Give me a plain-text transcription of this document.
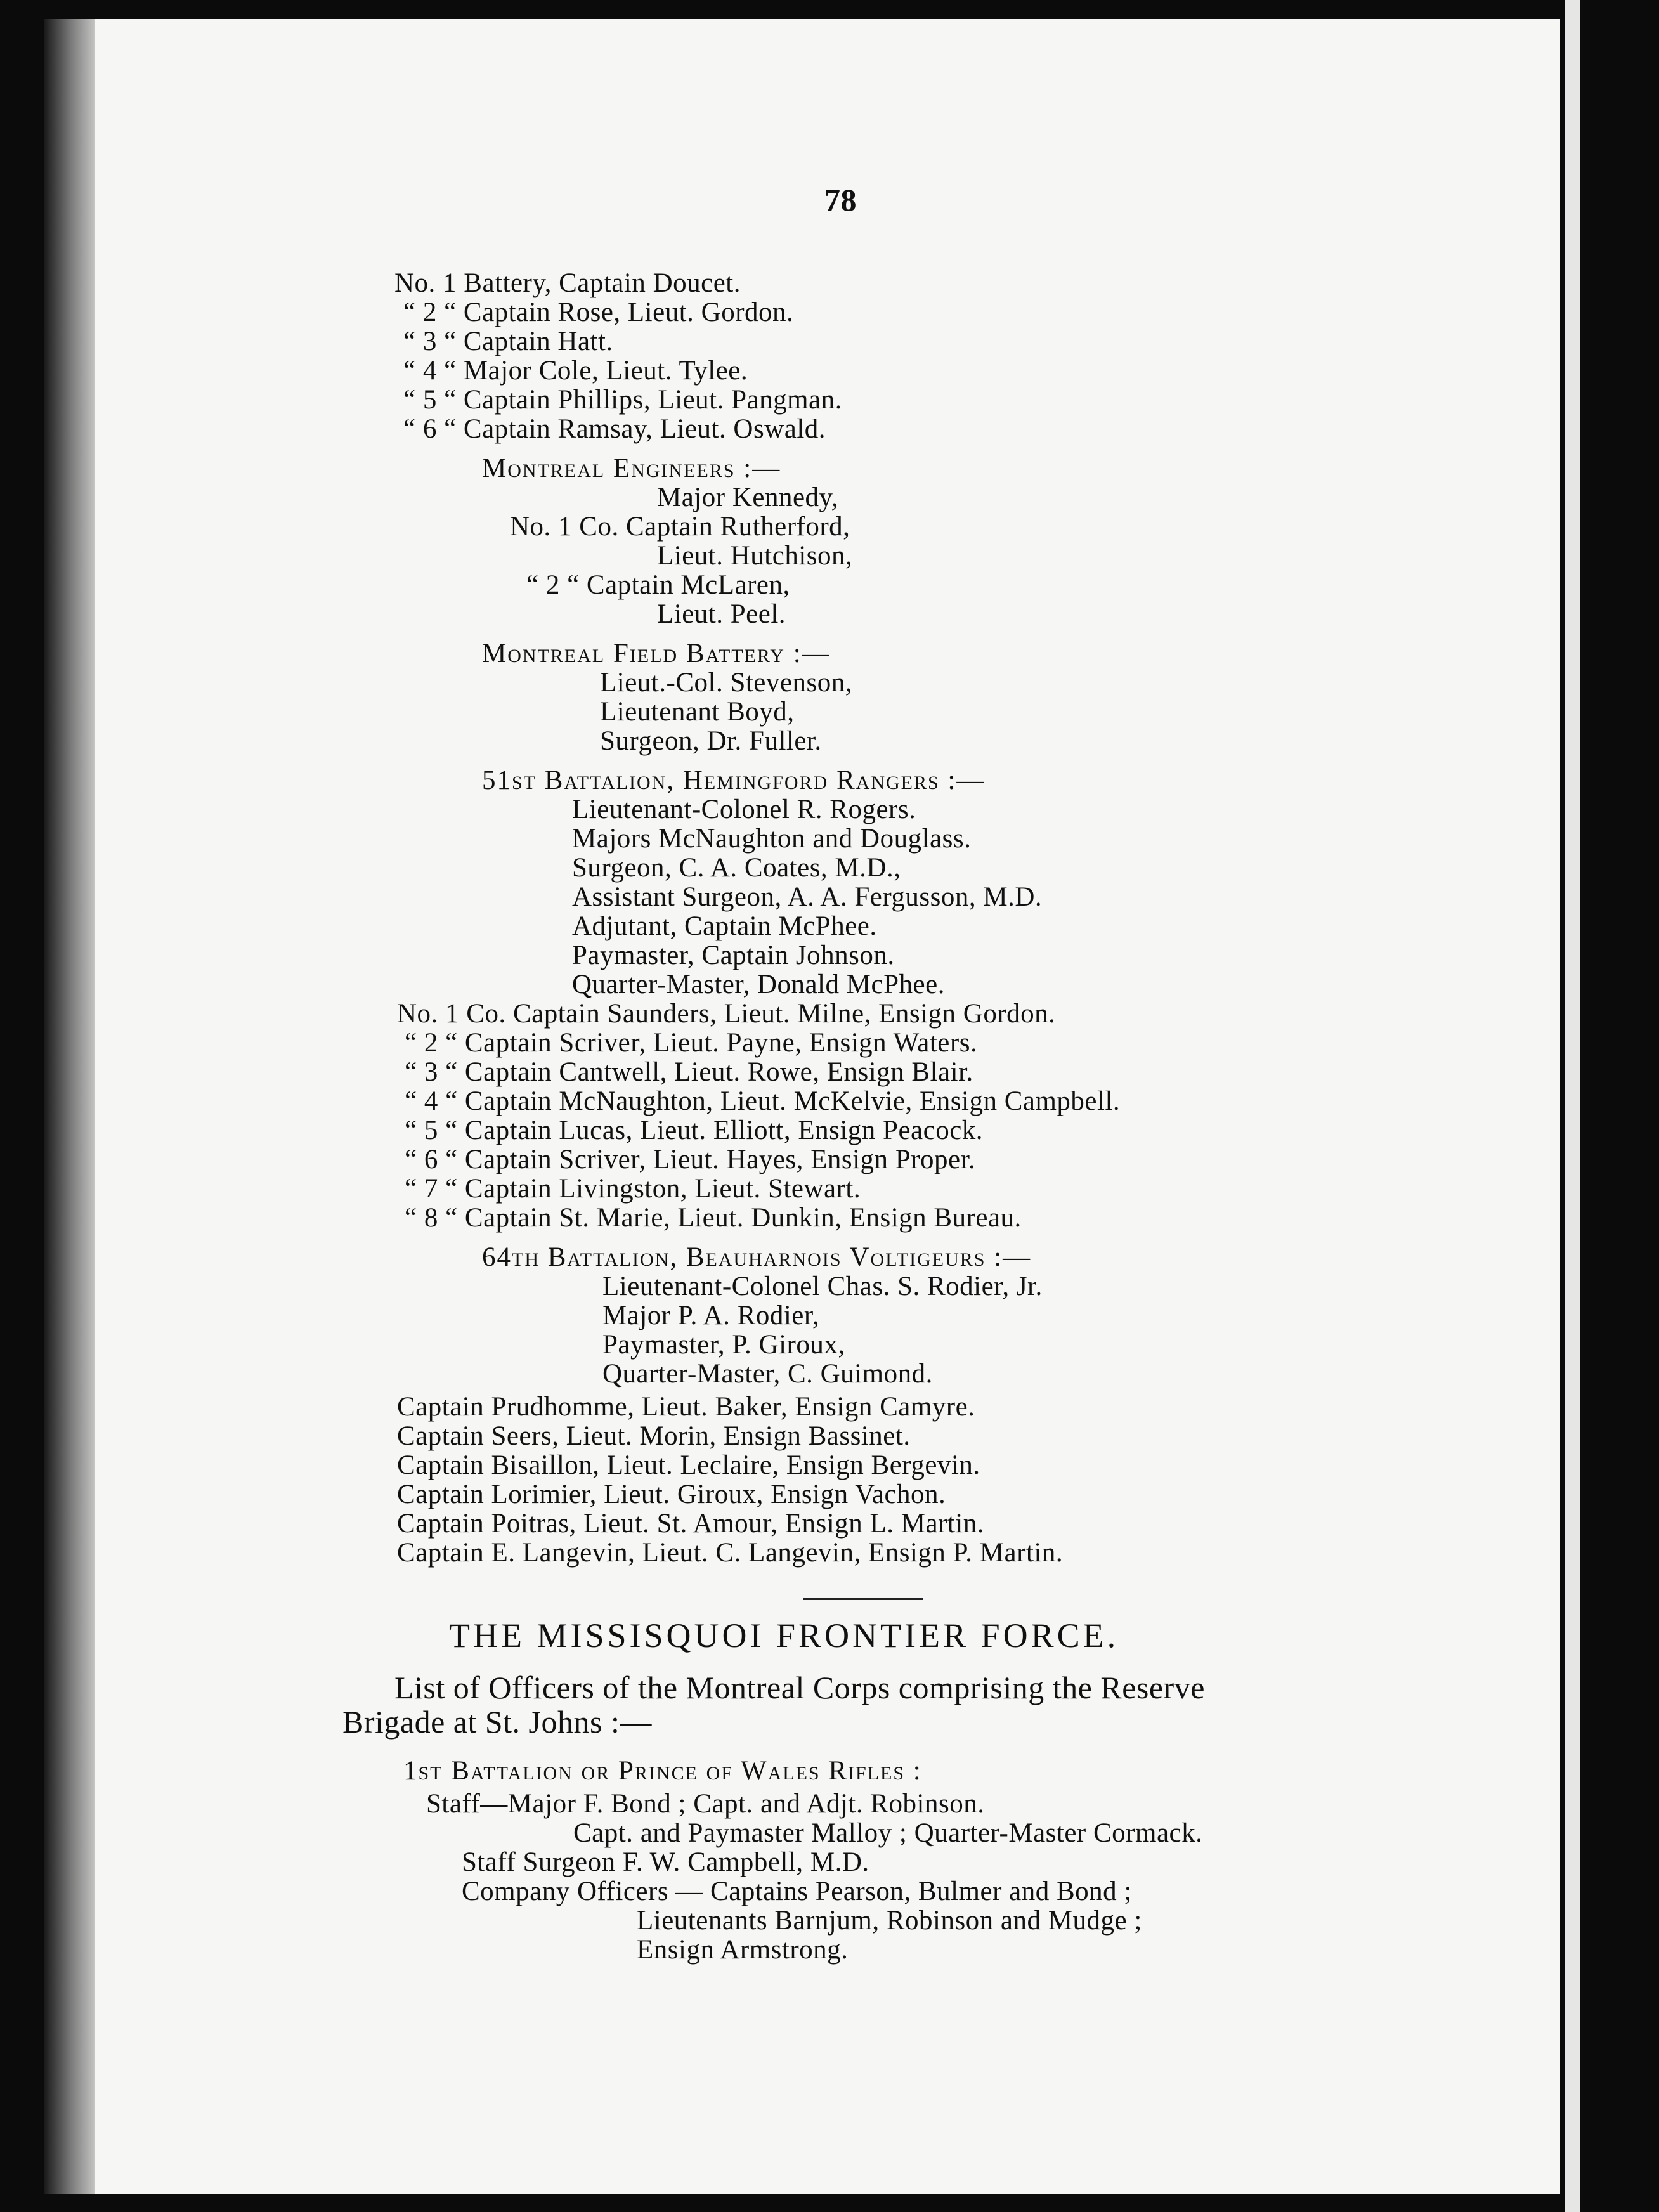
78
No. 1 Battery, Captain Doucet.
“ 2 “ Captain Rose, Lieut. Gordon.
“ 3 “ Captain Hatt.
“ 4 “ Major Cole, Lieut. Tylee.
“ 5 “ Captain Phillips, Lieut. Pangman.
“ 6 “ Captain Ramsay, Lieut. Oswald.
Montreal Engineers :—
Major Kennedy,
No. 1 Co. Captain Rutherford,
Lieut. Hutchison,
“ 2 “ Captain McLaren,
Lieut. Peel.
Montreal Field Battery :—
Lieut.-Col. Stevenson,
Lieutenant Boyd,
Surgeon, Dr. Fuller.
51st Battalion, Hemingford Rangers :—
Lieutenant-Colonel R. Rogers.
Majors McNaughton and Douglass.
Surgeon, C. A. Coates, M.D.,
Assistant Surgeon, A. A. Fergusson, M.D.
Adjutant, Captain McPhee.
Paymaster, Captain Johnson.
Quarter-Master, Donald McPhee.
No. 1 Co. Captain Saunders, Lieut. Milne, Ensign Gordon.
“ 2 “ Captain Scriver, Lieut. Payne, Ensign Waters.
“ 3 “ Captain Cantwell, Lieut. Rowe, Ensign Blair.
“ 4 “ Captain McNaughton, Lieut. McKelvie, Ensign Campbell.
“ 5 “ Captain Lucas, Lieut. Elliott, Ensign Peacock.
“ 6 “ Captain Scriver, Lieut. Hayes, Ensign Proper.
“ 7 “ Captain Livingston, Lieut. Stewart.
“ 8 “ Captain St. Marie, Lieut. Dunkin, Ensign Bureau.
64th Battalion, Beauharnois Voltigeurs :—
Lieutenant-Colonel Chas. S. Rodier, Jr.
Major P. A. Rodier,
Paymaster, P. Giroux,
Quarter-Master, C. Guimond.
Captain Prudhomme, Lieut. Baker, Ensign Camyre.
Captain Seers, Lieut. Morin, Ensign Bassinet.
Captain Bisaillon, Lieut. Leclaire, Ensign Bergevin.
Captain Lorimier, Lieut. Giroux, Ensign Vachon.
Captain Poitras, Lieut. St. Amour, Ensign L. Martin.
Captain E. Langevin, Lieut. C. Langevin, Ensign P. Martin.
THE MISSISQUOI FRONTIER FORCE.
List of Officers of the Montreal Corps comprising the Reserve
Brigade at St. Johns :—
1st Battalion or Prince of Wales Rifles :
Staff—Major F. Bond ; Capt. and Adjt. Robinson.
Capt. and Paymaster Malloy ; Quarter-Master Cormack.
Staff Surgeon F. W. Campbell, M.D.
Company Officers — Captains Pearson, Bulmer and Bond ;
Lieutenants Barnjum, Robinson and Mudge ;
Ensign Armstrong.
